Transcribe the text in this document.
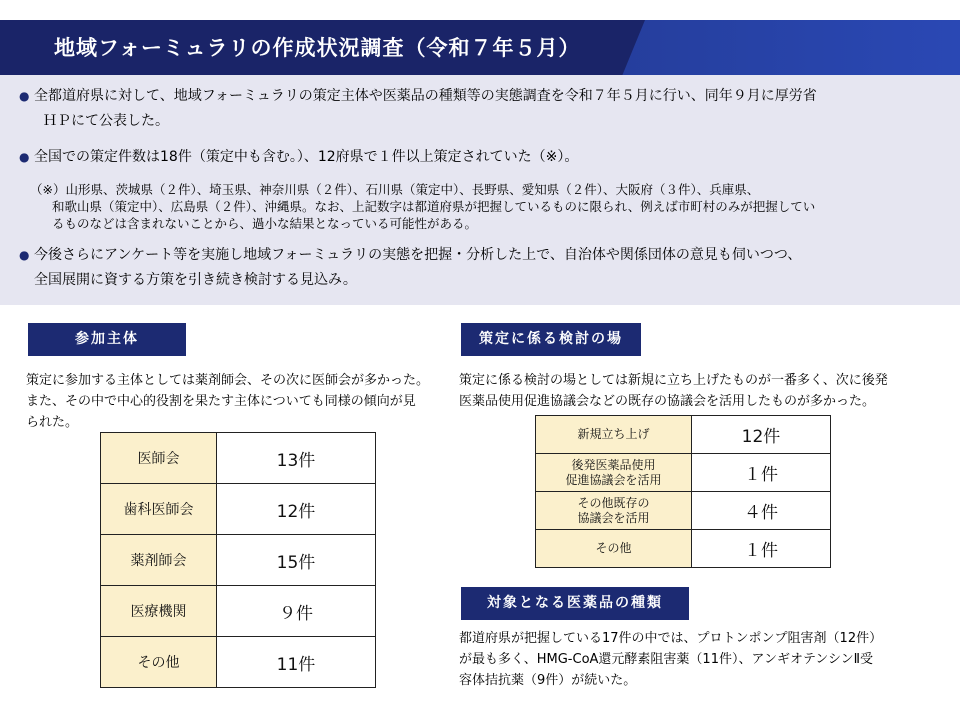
地域フォーミュラリの作成状況調査（令和７年５月）
● 全都道府県に対して、地域フォーミュラリの策定主体や医薬品の種類等の実態調査を令和７年５月に行い、同年９月に厚労省
ＨＰにて公表した。
● 全国での策定件数は18件（策定中も含む。）、12府県で１件以上策定されていた（※）。
（※）山形県、茨城県（２件）、埼玉県、神奈川県（２件）、石川県（策定中）、長野県、愛知県（２件）、大阪府（３件）、兵庫県、
和歌山県（策定中）、広島県（２件）、沖縄県。なお、上記数字は都道府県が把握しているものに限られ、例えば市町村のみが把握してい
るものなどは含まれないことから、過小な結果となっている可能性がある。
● 今後さらにアンケート等を実施し地域フォーミュラリの実態を把握・分析した上で、自治体や関係団体の意見も伺いつつ、
全国展開に資する方策を引き続き検討する見込み。
参加主体
策定に参加する主体としては薬剤師会、その次に医師会が多かった。
また、その中で中心的役割を果たす主体についても同様の傾向が見
られた。
医師会	13件
歯科医師会	12件
薬剤師会	15件
医療機関	９件
その他	11件
策定に係る検討の場
策定に係る検討の場としては新規に立ち上げたものが一番多く、次に後発
医薬品使用促進協議会などの既存の協議会を活用したものが多かった。
新規立ち上げ	12件

後発医薬品使用
促進協議会を活用	１件

その他既存の
協議会を活用	４件

その他	１件
対象となる医薬品の種類
都道府県が把握している17件の中では、プロトンポンプ阻害剤（12件）
が最も多く、HMG-CoA還元酵素阻害薬（11件）、アンギオテンシンⅡ受
容体拮抗薬（9件）が続いた。
